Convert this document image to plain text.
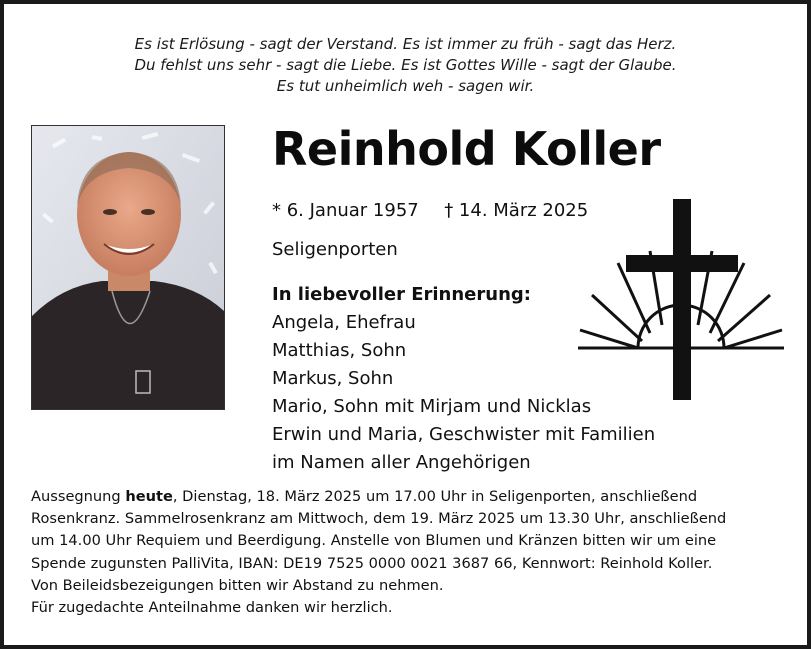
Es ist Erlösung - sagt der Verstand. Es ist immer zu früh - sagt das Herz.
Du fehlst uns sehr - sagt die Liebe. Es ist Gottes Wille - sagt der Glaube.
Es tut unheimlich weh - sagen wir.
Reinhold Koller
* 6. Januar 1957 † 14. März 2025
Seligenporten
In liebevoller Erinnerung:
Angela, Ehefrau
Matthias, Sohn
Markus, Sohn
Mario, Sohn mit Mirjam und Nicklas
Erwin und Maria, Geschwister mit Familien
im Namen aller Angehörigen
Aussegnung heute, Dienstag, 18. März 2025 um 17.00 Uhr in Seligenporten, anschließend
Rosenkranz. Sammelrosenkranz am Mittwoch, dem 19. März 2025 um 13.30 Uhr, anschließend
um 14.00 Uhr Requiem und Beerdigung. Anstelle von Blumen und Kränzen bitten wir um eine
Spende zugunsten PalliVita, IBAN: DE19 7525 0000 0021 3687 66, Kennwort: Reinhold Koller.
Von Beileidsbezeigungen bitten wir Abstand zu nehmen.
Für zugedachte Anteilnahme danken wir herzlich.
